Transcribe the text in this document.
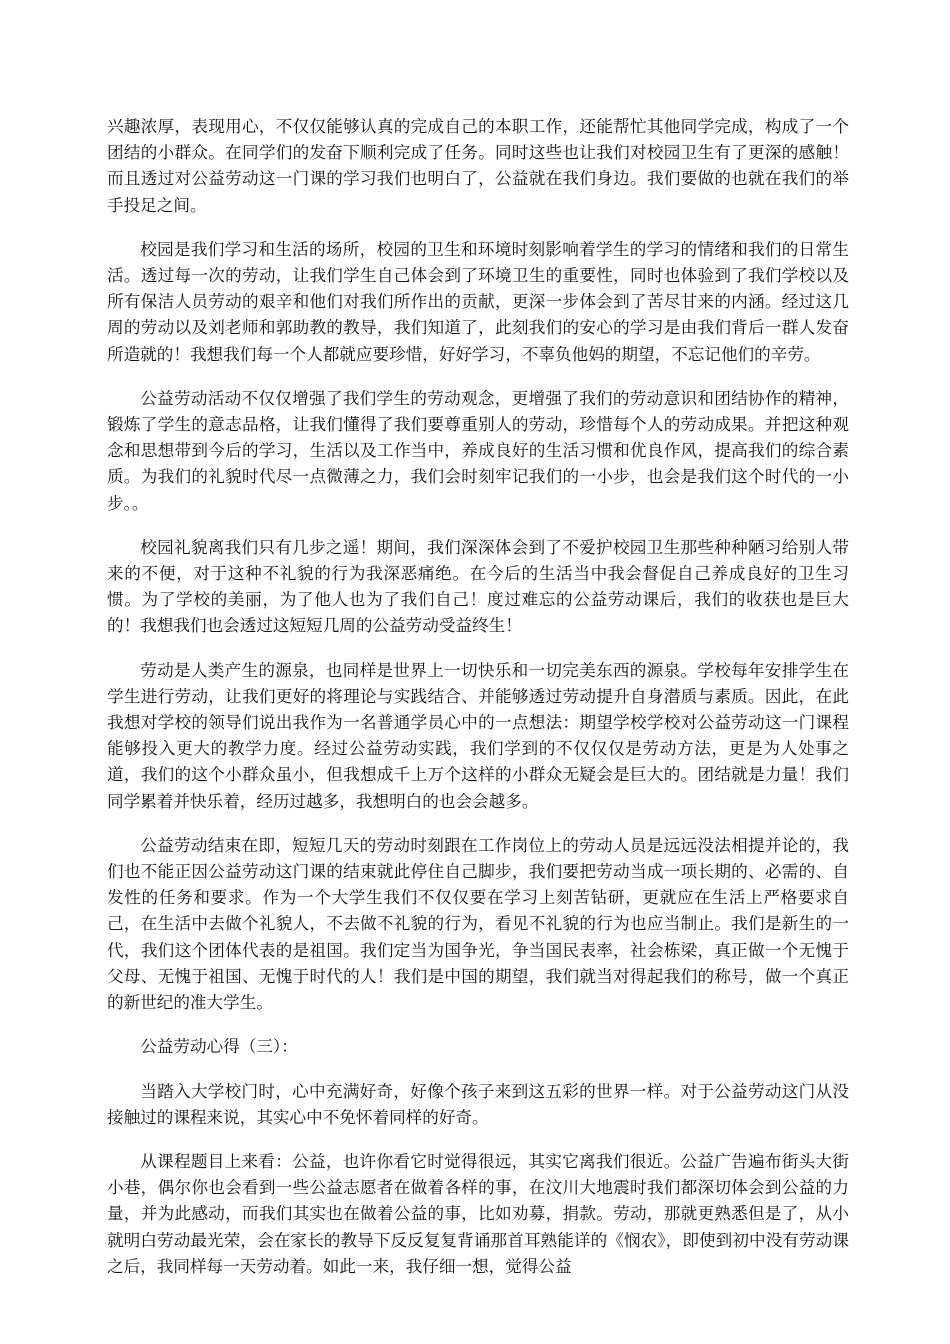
兴趣浓厚，表现用心，不仅仅能够认真的完成自己的本职工作，还能帮忙其他同学完成，构成了一个团结的小群众。在同学们的发奋下顺利完成了任务。同时这些也让我们对校园卫生有了更深的感触！而且透过对公益劳动这一门课的学习我们也明白了，公益就在我们身边。我们要做的也就在我们的举手投足之间。

校园是我们学习和生活的场所，校园的卫生和环境时刻影响着学生的学习的情绪和我们的日常生活。透过每一次的劳动，让我们学生自己体会到了环境卫生的重要性，同时也体验到了我们学校以及所有保洁人员劳动的艰辛和他们对我们所作出的贡献，更深一步体会到了苦尽甘来的内涵。经过这几周的劳动以及刘老师和郭助教的教导，我们知道了，此刻我们的安心的学习是由我们背后一群人发奋所造就的！我想我们每一个人都就应要珍惜，好好学习，不辜负他妈的期望，不忘记他们的辛劳。

公益劳动活动不仅仅增强了我们学生的劳动观念，更增强了我们的劳动意识和团结协作的精神，锻炼了学生的意志品格，让我们懂得了我们要尊重别人的劳动，珍惜每个人的劳动成果。并把这种观念和思想带到今后的学习，生活以及工作当中，养成良好的生活习惯和优良作风，提高我们的综合素质。为我们的礼貌时代尽一点微薄之力，我们会时刻牢记我们的一小步，也会是我们这个时代的一小步。。

校园礼貌离我们只有几步之遥！期间，我们深深体会到了不爱护校园卫生那些种种陋习给别人带来的不便，对于这种不礼貌的行为我深恶痛绝。在今后的生活当中我会督促自己养成良好的卫生习惯。为了学校的美丽，为了他人也为了我们自己！度过难忘的公益劳动课后，我们的收获也是巨大的！我想我们也会透过这短短几周的公益劳动受益终生！

劳动是人类产生的源泉，也同样是世界上一切快乐和一切完美东西的源泉。学校每年安排学生在学生进行劳动，让我们更好的将理论与实践结合、并能够透过劳动提升自身潜质与素质。因此，在此我想对学校的领导们说出我作为一名普通学员心中的一点想法：期望学校学校对公益劳动这一门课程能够投入更大的教学力度。经过公益劳动实践，我们学到的不仅仅仅是劳动方法，更是为人处事之道，我们的这个小群众虽小，但我想成千上万个这样的小群众无疑会是巨大的。团结就是力量！我们同学累着并快乐着，经历过越多，我想明白的也会会越多。

公益劳动结束在即，短短几天的劳动时刻跟在工作岗位上的劳动人员是远远没法相提并论的，我们也不能正因公益劳动这门课的结束就此停住自己脚步，我们要把劳动当成一项长期的、必需的、自发性的任务和要求。作为一个大学生我们不仅仅要在学习上刻苦钻研，更就应在生活上严格要求自己，在生活中去做个礼貌人，不去做不礼貌的行为，看见不礼貌的行为也应当制止。我们是新生的一代，我们这个团体代表的是祖国。我们定当为国争光，争当国民表率，社会栋梁，真正做一个无愧于父母、无愧于祖国、无愧于时代的人！我们是中国的期望，我们就当对得起我们的称号，做一个真正的新世纪的准大学生。

公益劳动心得（三）：

当踏入大学校门时，心中充满好奇，好像个孩子来到这五彩的世界一样。对于公益劳动这门从没接触过的课程来说，其实心中不免怀着同样的好奇。

从课程题目上来看：公益，也许你看它时觉得很远，其实它离我们很近。公益广告遍布街头大街小巷，偶尔你也会看到一些公益志愿者在做着各样的事，在汶川大地震时我们都深切体会到公益的力量，并为此感动，而我们其实也在做着公益的事，比如劝募，捐款。劳动，那就更熟悉但是了，从小就明白劳动最光荣，会在家长的教导下反反复复背诵那首耳熟能详的《悯农》，即使到初中没有劳动课之后，我同样每一天劳动着。如此一来，我仔细一想，觉得公益
